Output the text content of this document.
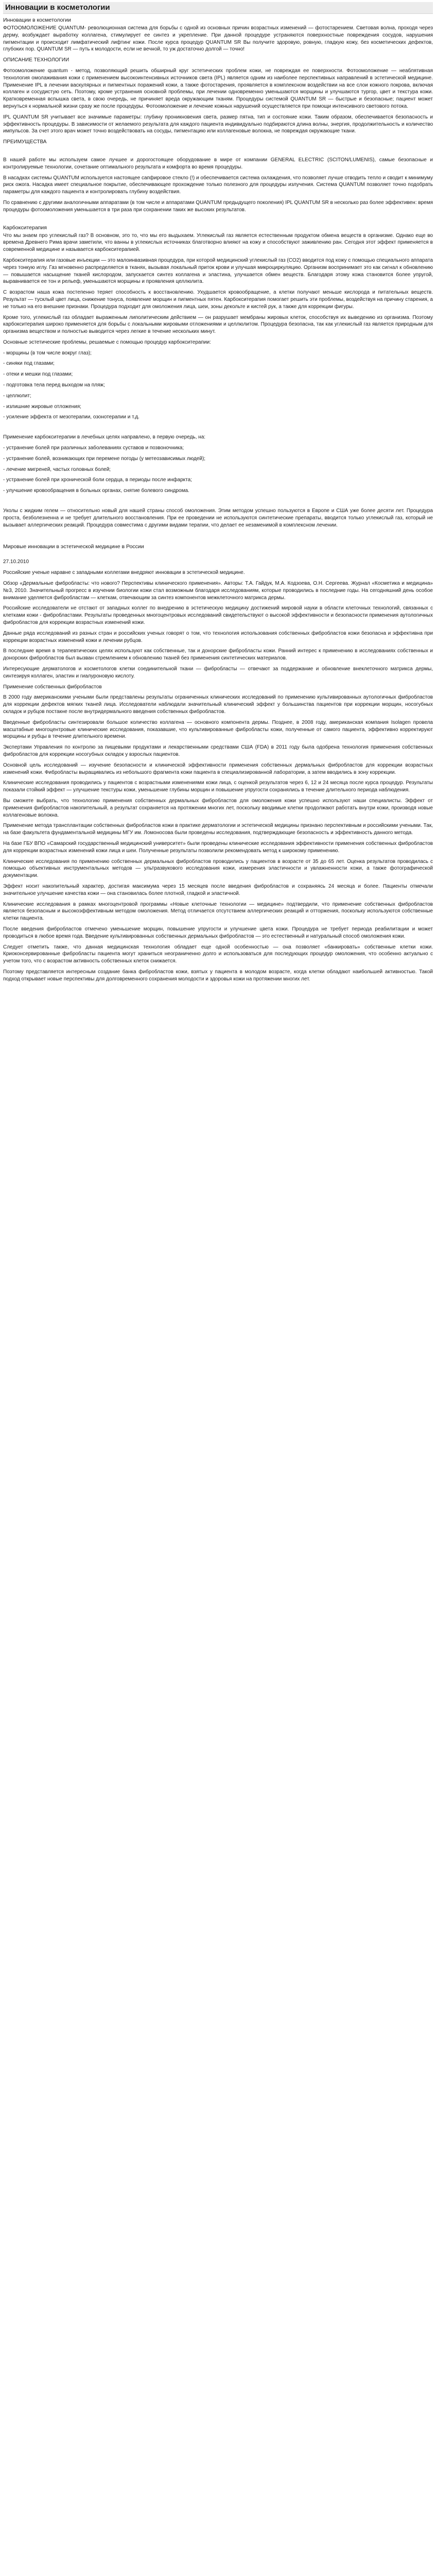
Инновации в косметологии
Инновации в косметологии

ФОТООМОЛОЖЕНИЕ QUANTUM- революционная система для борьбы с одной из основных причин возрастных изменений — фотостарением. Световая волна, проходя через дерму, возбуждает выработку коллагена, стимулирует ее синтез и укрепление. При данной процедуре устраняются поверхностные повреждения сосудов, нарушения пигментации и происходит лимфатический лифтинг кожи. После курса процедур QUANTUM SR Вы получите здоровую, ровную, гладкую кожу, без косметических дефектов, глубоких пор. QUANTUM SR — путь к молодости, если не вечной, то уж достаточно долгой — точно!

ОПИСАНИЕ ТЕХНОЛОГИИ

Фотоомоложение quantum - метод, позволяющий решить обширный круг эстетических проблем кожи, не повреждая ее поверхности. Фотоомоложение — неаблятивная технология омолаживания кожи с применением высокоинтенсивных источников света (IPL) является одним из наиболее перспективных направлений в эстетической медицине. Применение IPL в лечении васкулярных и пигментных поражений кожи, а также фотостарения, проявляется в комплексном воздействии на все слои кожного покрова, включая коллаген и сосудистую сеть. Поэтому, кроме устранения основной проблемы, при лечении одновременно уменьшаются морщины и улучшаются тургор, цвет и текстура кожи. Кратковременная вспышка света, в свою очередь, не причиняет вреда окружающим тканям. Процедуры системой QUANTUM SR — быстрые и безопасные; пациент может вернуться к нормальной жизни сразу же после процедуры. Фотоомоложение и лечение кожных нарушений осуществляется при помощи интенсивного светового потока.

IPL QUANTUM SR учитывает все значимые параметры: глубину проникновения света, размер пятна, тип и состояние кожи. Таким образом, обеспечивается безопасность и эффективность процедуры. В зависимости от желаемого результата для каждого пациента индивидуально подбираются длина волны, энергия, продолжительность и количество импульсов. За счет этого врач может точно воздействовать на сосуды, пигментацию или коллагеновые волокна, не повреждая окружающие ткани.

ПРЕИМУЩЕСТВА

В нашей работе мы используем самое лучшее и дорогостоящее оборудование в мире от компании GENERAL ELECTRIC (SCITON/LUMENIS), самые безопасные и контролируемые технологии, сочетание оптимального результата и комфорта во время процедуры.

В насадках системы QUANTUM используется настоящее сапфировое стекло (!) и обеспечивается система охлаждения, что позволяет лучше отводить тепло и сводит к минимуму риск ожога. Насадка имеет специальное покрытие, обеспечивающее прохождение только полезного для процедуры излучения. Система QUANTUM позволяет точно подобрать параметры для каждого пациента и контролировать глубину воздействия.

По сравнению с другими аналогичными аппаратами (в том числе и аппаратами QUANTUM предыдущего поколения) IPL QUANTUM SR в несколько раз более эффективен: время процедуры фотоомоложения уменьшается в три раза при сохранении таких же высоких результатов.

Карбокситерапия

Что мы знаем про углекислый газ? В основном, это то, что мы его выдыхаем. Углекислый газ является естественным продуктом обмена веществ в организме. Однако еще во времена Древнего Рима врачи заметили, что ванны в углекислых источниках благотворно влияют на кожу и способствуют заживлению ран. Сегодня этот эффект применяется в современной медицине и называется карбокситерапией.

Карбокситерапия или газовые инъекции — это малоинвазивная процедура, при которой медицинский углекислый газ (CO2) вводится под кожу с помощью специального аппарата через тонкую иглу. Газ мгновенно распределяется в тканях, вызывая локальный приток крови и улучшая микроциркуляцию. Организм воспринимает это как сигнал к обновлению — повышается насыщение тканей кислородом, запускается синтез коллагена и эластина, улучшается обмен веществ. Благодаря этому кожа становится более упругой, выравнивается ее тон и рельеф, уменьшаются морщины и проявления целлюлита.

С возрастом наша кожа постепенно теряет способность к восстановлению. Ухудшается кровообращение, а клетки получают меньше кислорода и питательных веществ. Результат — тусклый цвет лица, снижение тонуса, появление морщин и пигментных пятен. Карбокситерапия помогает решить эти проблемы, воздействуя на причину старения, а не только на его внешние признаки. Процедура подходит для омоложения лица, шеи, зоны декольте и кистей рук, а также для коррекции фигуры.

Кроме того, углекислый газ обладает выраженным липолитическим действием — он разрушает мембраны жировых клеток, способствуя их выведению из организма. Поэтому карбокситерапия широко применяется для борьбы с локальными жировыми отложениями и целлюлитом. Процедура безопасна, так как углекислый газ является природным для организма веществом и полностью выводится через легкие в течение нескольких минут.

Основные эстетические проблемы, решаемые с помощью процедур карбокситерапии:

- морщины (в том числе вокруг глаз);

- синяки под глазами;

- отеки и мешки под глазами;

- подготовка тела перед выходом на пляж;

- целлюлит;

- излишние жировые отложения;

- усиление эффекта от мезотерапии, озонотерапии и т.д.

Применение карбокситерапии в лечебных целях направлено, в первую очередь, на:

- устранение болей при различных заболеваниях суставов и позвоночника;

- устранение болей, возникающих при перемене погоды (у метеозависимых людей);

- лечение мигреней, частых головных болей;

- устранение болей при хронической боли сердца, в периоды после инфаркта;

- улучшение кровообращения в больных органах, снятие болевого синдрома.

Уколы с жидким гелем — относительно новый для нашей страны способ омоложения. Этим методом успешно пользуются в Европе и США уже более десяти лет. Процедура проста, безболезненна и не требует длительного восстановления. При ее проведении не используются синтетические препараты, вводится только углекислый газ, который не вызывает аллергических реакций. Процедура совместима с другими видами терапии, что делает ее незаменимой в комплексном лечении.

Мировые инновации в эстетической медицине в России

27.10.2010

Российские ученые наравне с западными коллегами внедряют инновации в эстетической медицине.

Обзор «Дермальные фибробласты: что нового? Перспективы клинического применения». Авторы: Т.А. Гайдук, М.А. Кодзоева, О.Н. Сергеева. Журнал «Косметика и медицина» №3, 2010. Значительный прогресс в изучении биологии кожи стал возможным благодаря исследованиям, которые проводились в последние годы. На сегодняшний день особое внимание уделяется фибробластам — клеткам, отвечающим за синтез компонентов межклеточного матрикса дермы.

Российские исследователи не отстают от западных коллег по внедрению в эстетическую медицину достижений мировой науки в области клеточных технологий, связанных с клетками кожи - фибробластами. Результаты проведенных многоцентровых исследований свидетельствуют о высокой эффективности и безопасности применения аутологичных фибробластов для коррекции возрастных изменений кожи.

Данные ряда исследований из разных стран и российских ученых говорят о том, что технология использования собственных фибробластов кожи безопасна и эффективна при коррекции возрастных изменений кожи и лечении рубцов.

В последние время в терапевтических целях используют как собственные, так и донорские фибробласты кожи. Ранний интерес к применению в исследованиях собственных и донорских фибробластов был вызван стремлением к обновлению тканей без применения синтетических материалов.

Интересующие дерматологов и косметологов клетки соединительной ткани — фибробласты — отвечают за поддержание и обновление внеклеточного матрикса дермы, синтезируя коллаген, эластин и гиалуроновую кислоту.

Применение собственных фибробластов

В 2000 году американскими учеными были представлены результаты ограниченных клинических исследований по применению культивированных аутологичных фибробластов для коррекции дефектов мягких тканей лица. Исследователи наблюдали значительный клинический эффект у большинства пациентов при коррекции морщин, носогубных складок и рубцов постакне после внутридермального введения собственных фибробластов.

Введенные фибробласты синтезировали большое количество коллагена — основного компонента дермы. Позднее, в 2008 году, американская компания Isolagen провела масштабные многоцентровые клинические исследования, показавшие, что культивированные фибробласты кожи, полученные от самого пациента, эффективно корректируют морщины и рубцы в течение длительного времени.

Экспертами Управления по контролю за пищевыми продуктами и лекарственными средствами США (FDA) в 2011 году была одобрена технология применения собственных фибробластов для коррекции носогубных складок у взрослых пациентов.

Основной цель исследований — изучение безопасности и клинической эффективности применения собственных дермальных фибробластов для коррекции возрастных изменений кожи. Фибробласты выращивались из небольшого фрагмента кожи пациента в специализированной лаборатории, а затем вводились в зону коррекции.

Клинические исследования проводились у пациентов с возрастными изменениями кожи лица, с оценкой результатов через 6, 12 и 24 месяца после курса процедур. Результаты показали стойкий эффект — улучшение текстуры кожи, уменьшение глубины морщин и повышение упругости сохранялись в течение длительного периода наблюдения.

Вы сможете выбрать, что технологию применения собственных дермальных фибробластов для омоложения кожи успешно используют наши специалисты. Эффект от применения фибробластов накопительный, а результат сохраняется на протяжении многих лет, поскольку вводимые клетки продолжают работать внутри кожи, производя новые коллагеновые волокна.

Применение метода трансплантации собственных фибробластов кожи в практике дерматологии и эстетической медицины признано перспективным и российскими учеными. Так, на базе факультета фундаментальной медицины МГУ им. Ломоносова были проведены исследования, подтверждающие безопасность и эффективность данного метода.

На базе ГБУ ВПО «Самарский государственный медицинский университет» были проведены клинические исследования эффективности применения собственных фибробластов для коррекции возрастных изменений кожи лица и шеи. Полученные результаты позволили рекомендовать метод к широкому применению.

Клинические исследования по применению собственных дермальных фибробластов проводились у пациентов в возрасте от 35 до 65 лет. Оценка результатов проводилась с помощью объективных инструментальных методов — ультразвукового исследования кожи, измерения эластичности и увлажненности кожи, а также фотографической документации.

Эффект носит накопительный характер, достигая максимума через 15 месяцев после введения фибробластов и сохраняясь 24 месяца и более. Пациенты отмечали значительное улучшение качества кожи — она становилась более плотной, гладкой и эластичной.

Клинические исследования в рамках многоцентровой программы «Новые клеточные технологии — медицине» подтвердили, что применение собственных фибробластов является безопасным и высокоэффективным методом омоложения. Метод отличается отсутствием аллергических реакций и отторжения, поскольку используются собственные клетки пациента.

После введения фибробластов отмечено уменьшение морщин, повышение упругости и улучшение цвета кожи. Процедура не требует периода реабилитации и может проводиться в любое время года. Введение культивированных собственных дермальных фибробластов — это естественный и натуральный способ омоложения кожи.

Следует отметить также, что данная медицинская технология обладает еще одной особенностью — она позволяет «банкировать» собственные клетки кожи. Криоконсервированные фибробласты пациента могут храниться неограниченно долго и использоваться для последующих процедур омоложения, что особенно актуально с учетом того, что с возрастом активность собственных клеток снижается.

Поэтому представляется интересным создание банка фибробластов кожи, взятых у пациента в молодом возрасте, когда клетки обладают наибольшей активностью. Такой подход открывает новые перспективы для долговременного сохранения молодости и здоровья кожи на протяжении многих лет.
